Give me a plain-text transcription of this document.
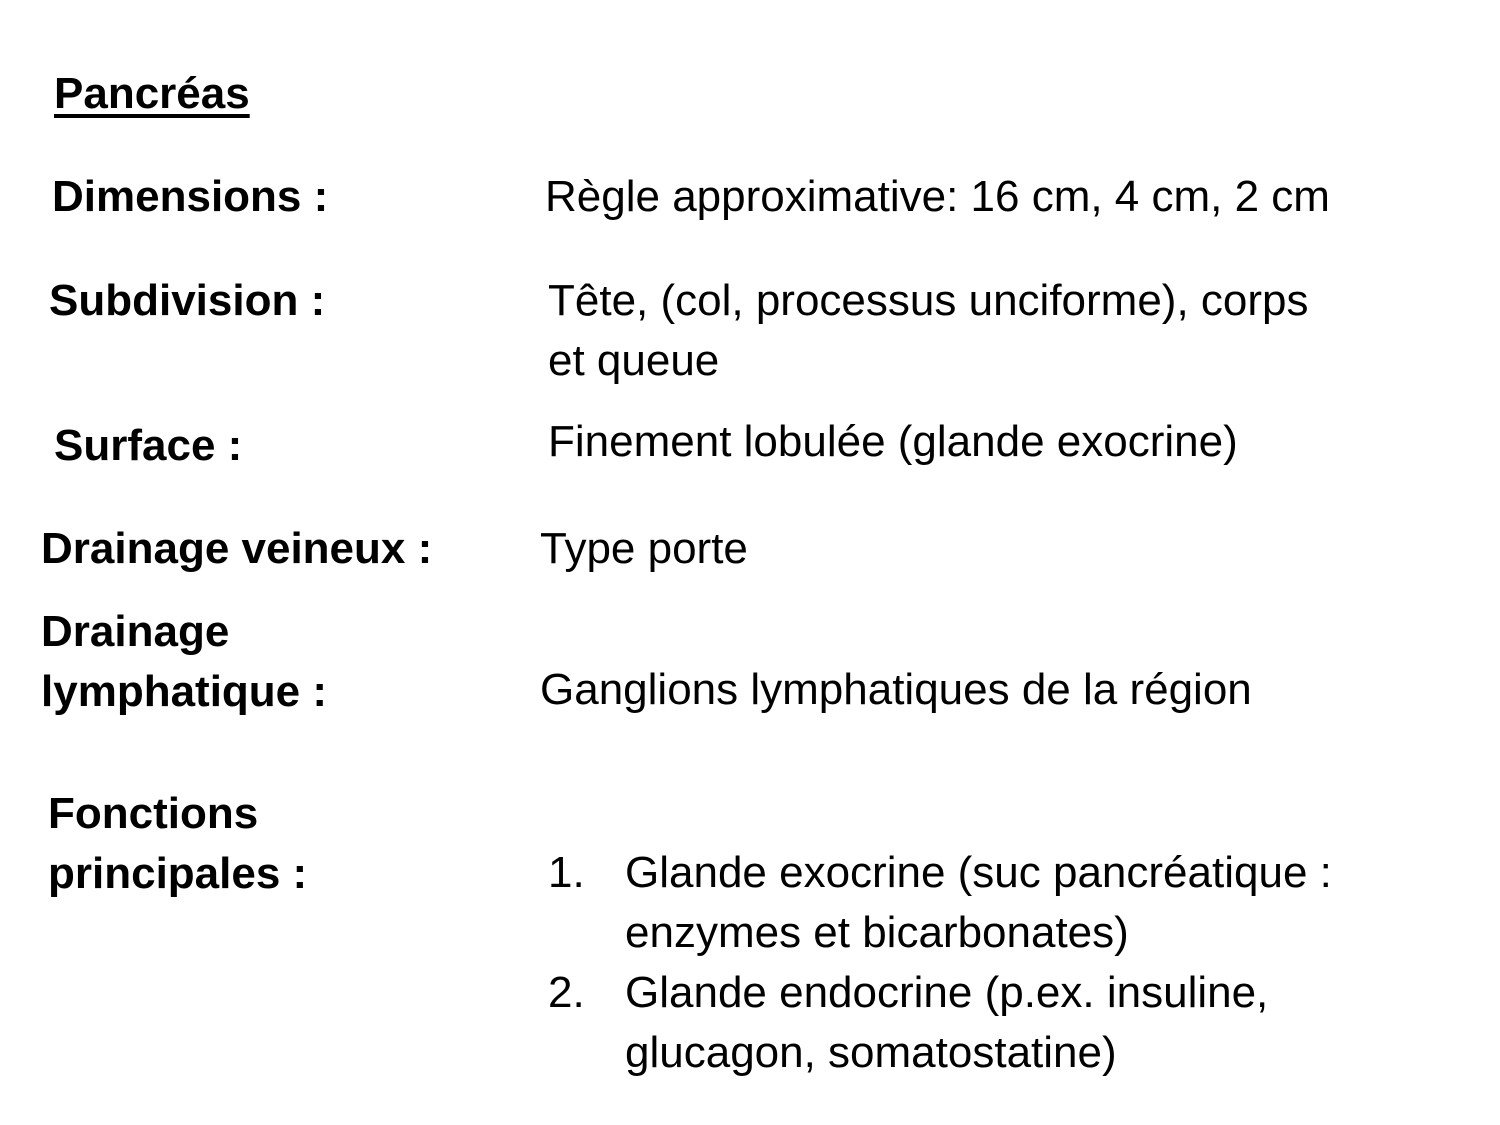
Pancréas
Dimensions :	Règle approximative: 16 cm, 4 cm, 2 cm
Subdivision :	Tête, (col, processus unciforme), corps
et queue
Surface :	Finement lobulée (glande exocrine)
Drainage veineux : Type porte
Drainage
lymphatique :	Ganglions lymphatiques de la région
Fonctions
principales :	1. Glande exocrine (suc pancréatique :
enzymes et bicarbonates)
2. Glande endocrine (p.ex. insuline,
glucagon, somatostatine)
